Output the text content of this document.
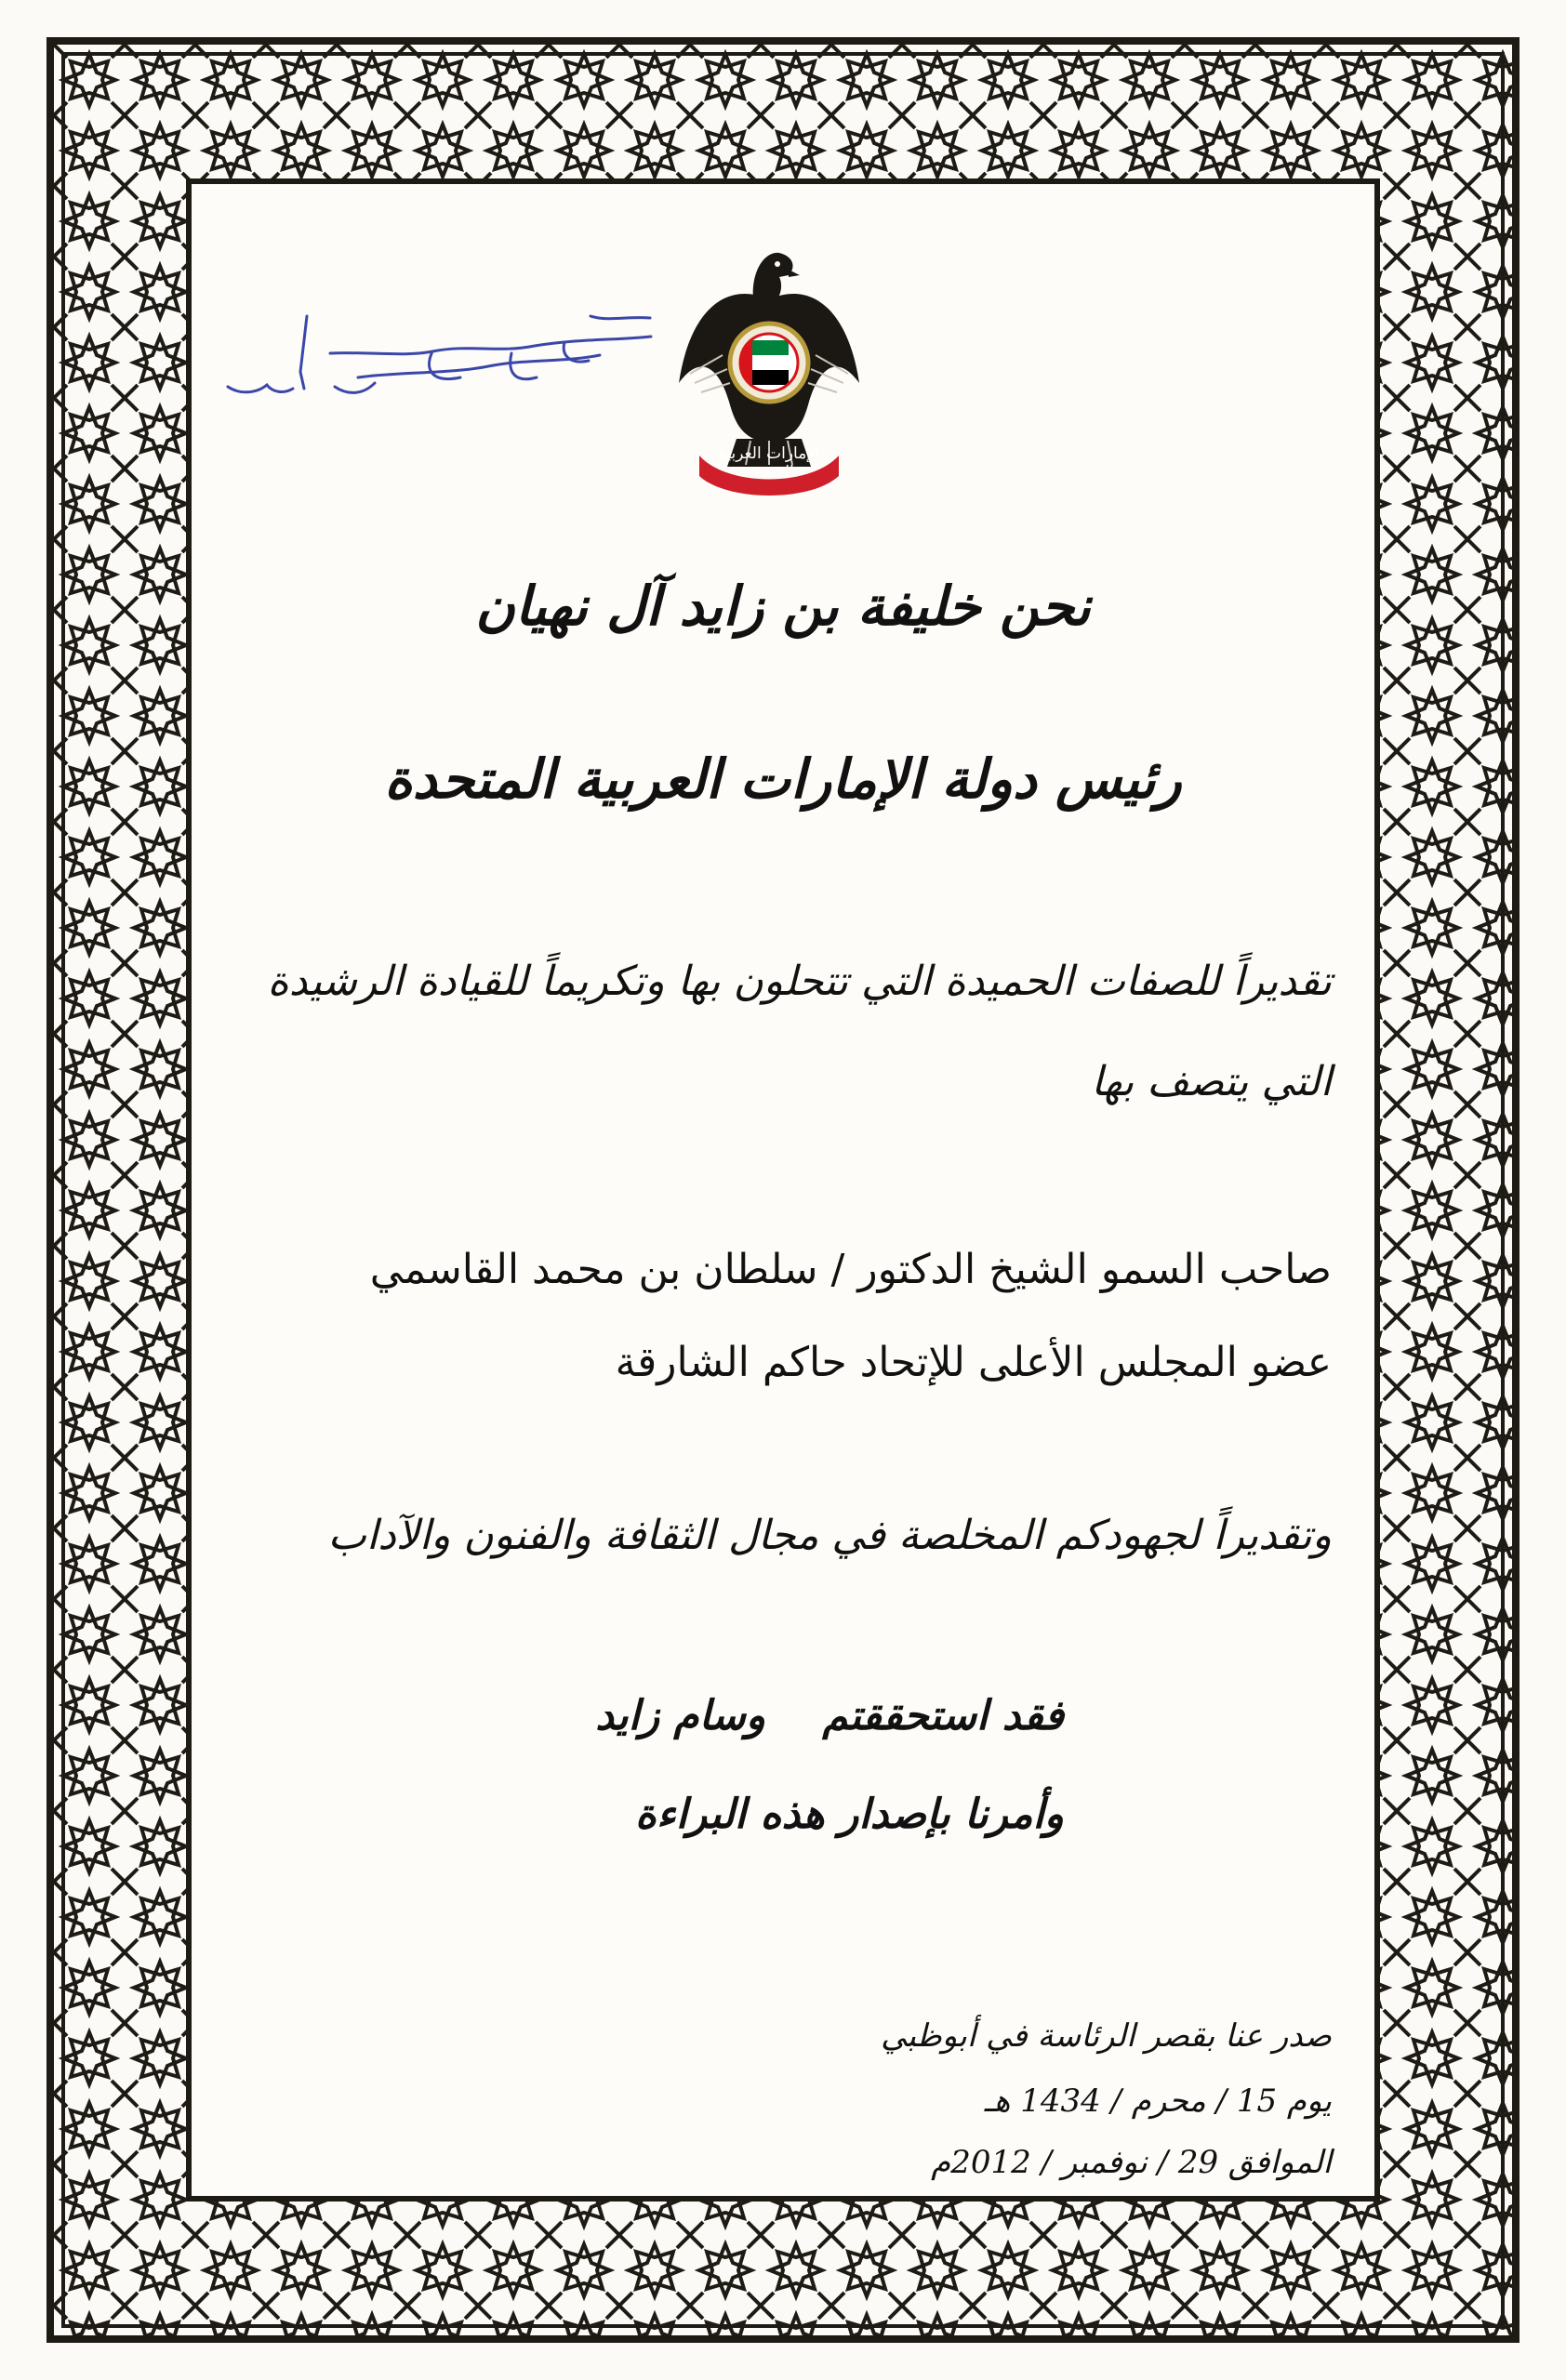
الإمارات العربية المتحدة
نحن خليفة بن زايد آل نهيان
رئيس دولة الإمارات العربية المتحدة
تقديراً للصفات الحميدة التي تتحلون بها وتكريماً للقيادة الرشيدة
التي يتصف بها
صاحب السمو الشيخ الدكتور / سلطان بن محمد القاسمي
عضو المجلس الأعلى للإتحاد حاكم الشارقة
وتقديراً لجهودكم المخلصة في مجال الثقافة والفنون والآداب
فقد استحققتم    وسام زايد
وأمرنا بإصدار هذه البراءة
صدر عنا بقصر الرئاسة في أبوظبي
يوم 15 / محرم / 1434 هـ
الموافق 29 / نوفمبر / 2012م
